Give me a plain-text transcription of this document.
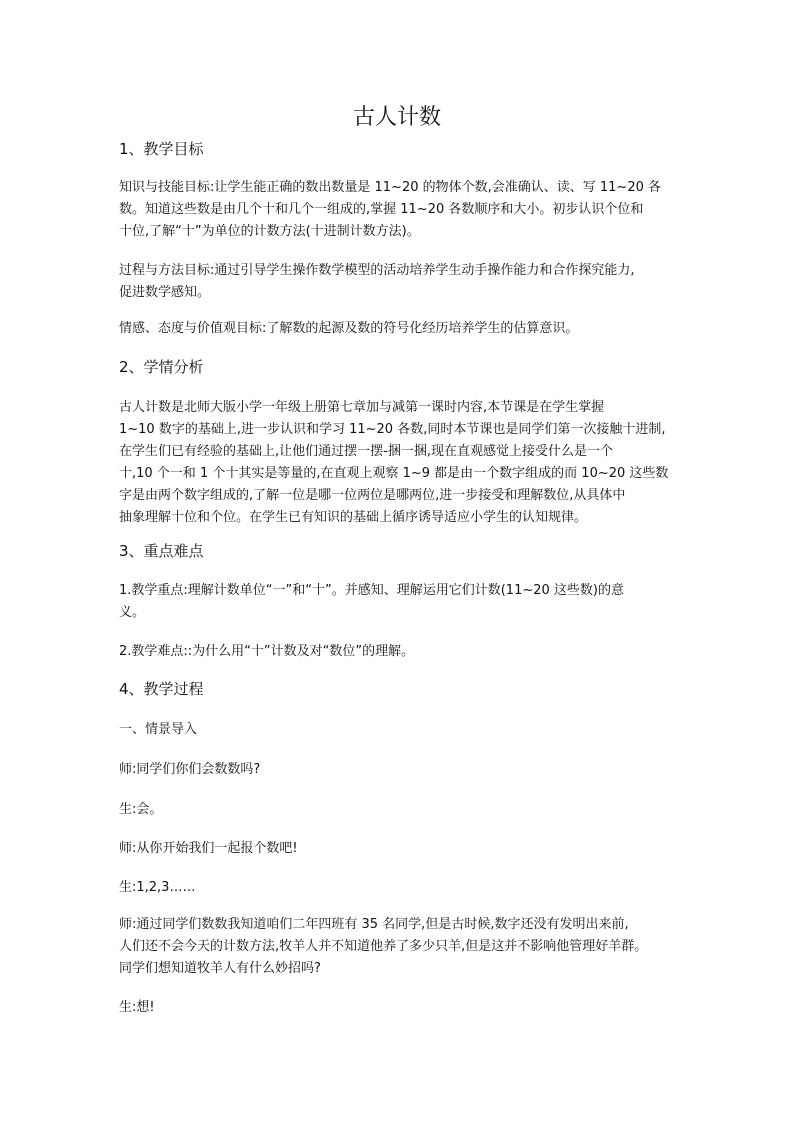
古人计数
1、教学目标
知识与技能目标:让学生能正确的数出数量是 11~20 的物体个数,会准确认、读、写 11~20 各
数。知道这些数是由几个十和几个一组成的,掌握 11~20 各数顺序和大小。初步认识个位和
十位,了解“十”为单位的计数方法(十进制计数方法)。
过程与方法目标:通过引导学生操作数学模型的活动培养学生动手操作能力和合作探究能力,
促进数学感知。
情感、态度与价值观目标:了解数的起源及数的符号化经历培养学生的估算意识。
2、学情分析
古人计数是北师大版小学一年级上册第七章加与减第一课时内容,本节课是在学生掌握
1~10 数字的基础上,进一步认识和学习 11~20 各数,同时本节课也是同学们第一次接触十进制,
在学生们已有经验的基础上,让他们通过摆一摆-捆一捆,现在直观感觉上接受什么是一个
十,10 个一和 1 个十其实是等量的,在直观上观察 1~9 都是由一个数字组成的而 10~20 这些数
字是由两个数字组成的,了解一位是哪一位两位是哪两位,进一步接受和理解数位,从具体中
抽象理解十位和个位。在学生已有知识的基础上循序诱导适应小学生的认知规律。
3、重点难点
1.教学重点:理解计数单位“一”和“十”。并感知、理解运用它们计数(11~20 这些数)的意
义。
2.教学难点::为什么用“十”计数及对“数位”的理解。
4、教学过程
一、情景导入
师:同学们你们会数数吗?
生:会。
师:从你开始我们一起报个数吧!
生:1,2,3……
师:通过同学们数数我知道咱们二年四班有 35 名同学,但是古时候,数字还没有发明出来前,
人们还不会今天的计数方法,牧羊人并不知道他养了多少只羊,但是这并不影响他管理好羊群。
同学们想知道牧羊人有什么妙招吗?
生:想!
